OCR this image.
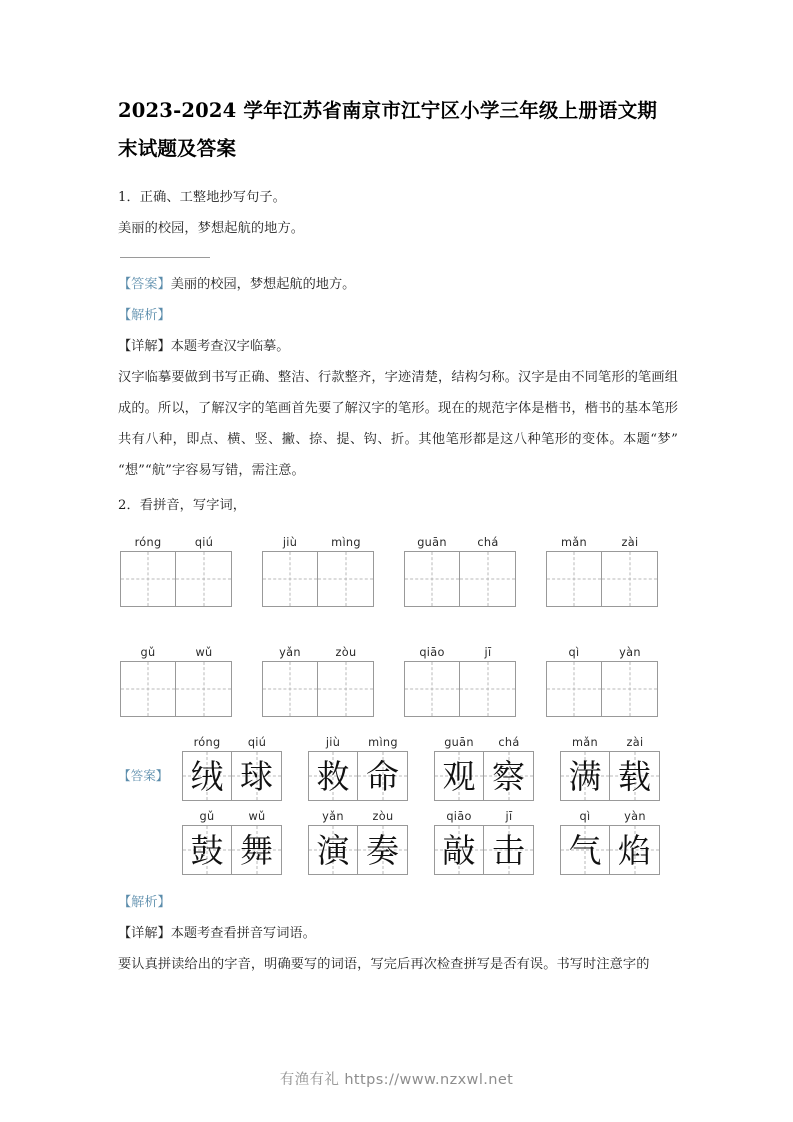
2023-2024 学年江苏省南京市江宁区小学三年级上册语文期
末试题及答案

1．正确、工整地抄写句子。

美丽的校园，梦想起航的地方。

【答案】美丽的校园，梦想起航的地方。

【解析】

【详解】本题考查汉字临摹。

汉字临摹要做到书写正确、整洁、行款整齐，字迹清楚，结构匀称。汉字是由不同笔形的笔画组成的。所以，了解汉字的笔画首先要了解汉字的笔形。现在的规范字体是楷书，楷书的基本笔形共有八种，即点、横、竖、撇、捺、提、钩、折。其他笔形都是这八种笔形的变体。本题“梦”“想”“航”字容易写错，需注意。

2．看拼音，写字词，

róng	qiú	jiù	mìng	guān	chá	mǎn	zài
gǔ	wǔ	yǎn	zòu	qiāo	jī	qì	yàn
【答案】
róng	qiú
绒 球
jiù	mìng
救 命
guān	chá
观 察
mǎn	zài
满 载
gǔ	wǔ
鼓 舞
yǎn	zòu
演 奏
qiāo	jī
敲 击
qì	yàn
气 焰

【解析】

【详解】本题考查看拼音写词语。

要认真拼读给出的字音，明确要写的词语，写完后再次检查拼写是否有误。书写时注意字的

有渔有礼 https://www.nzxwl.net
